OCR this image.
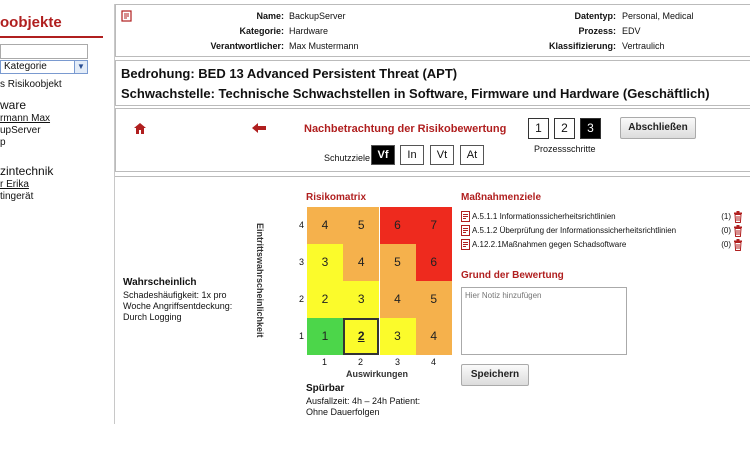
oobjekte
Kategorie	▼
s Risikoobjekt
ware
rmann Max
upServer
p
zintechnik
r Erika
tingerät
Name: BackupServer
Kategorie: Hardware
Verantwortlicher: Max Mustermann
Datentyp: Personal, Medical
Prozess: EDV
Klassifizierung: Vertraulich
Bedrohung: BED 13 Advanced Persistent Threat (APT)
Schwachstelle: Technische Schwachstellen in Software, Firmware und Hardware (Geschäftlich)
Nachbetrachtung der Risikobewertung	1	2	3
Prozessschritte
Abschließen
Schutzziele Vf	In	Vt	At
Wahrscheinlich
Schadeshäufigkeit: 1x pro
Woche Angriffsentdeckung:
Durch Logging
Risikomatrix
Eintrittswahrscheinlichkeit	4
3
2
1
4	5	6	7
3	4	5	6
2	3	4	5
1	2	3	4
1	2	3	4
Auswirkungen
Spürbar
Ausfallzeit: 4h – 24h Patient:
Ohne Dauerfolgen
Maßnahmenziele
Grund der Bewertung
Hier Notiz hinzufügen
Speichern
A.5.1.1 Informationssicherheitsrichtlinien	(1)
A.5.1.2 Überprüfung der Informationssicherheitsrichtlinien	(0)
A.12.2.1Maßnahmen gegen Schadsoftware	(0)
